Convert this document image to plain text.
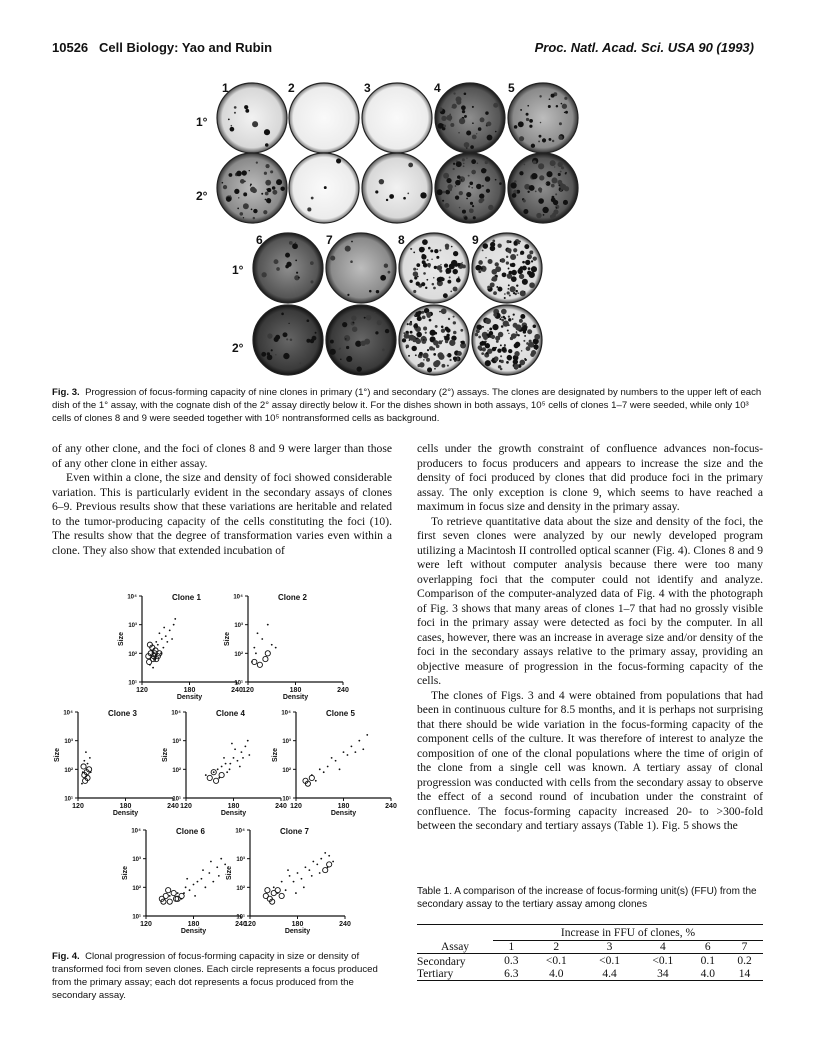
10526 Cell Biology: Yao and Rubin	Proc. Natl. Acad. Sci. USA 90 (1993)
1	2	3	4	5
6	7	8	9
1°
2°
1°
2°
Fig. 3. Progression of focus-forming capacity of nine clones in primary (1°) and secondary (2°) assays. The clones are designated by numbers to the upper left of each dish of the 1° assay, with the cognate dish of the 2° assay directly below it. For the dishes shown in both assays, 10⁵ cells of clones 1–7 were seeded, while only 10³ cells of clones 8 and 9 were seeded together with 10⁵ nontransformed cells as background.

of any other clone, and the foci of clones 8 and 9 were larger than those of any other clone in either assay.

Even within a clone, the size and density of foci showed considerable variation. This is particularly evident in the secondary assays of clones 6–9. Previous results show that these variations are heritable and related to the tumor-producing capacity of the cells constituting the foci (10). The results show that the degree of transformation varies even within a clone. They also show that extended incubation of

Clone 1
10⁴
10³
10²
10¹
120	180	240
Density
Size
Clone 2
10⁴
10³
10²
10¹
120	180	240
Density
Size
Clone 3
10⁴
10³
10²
10¹
120	180	240
Density
Size
Clone 4
10⁴
10³
10²
10¹
120	180	240
Density
Size
Clone 5
10⁴
10³
10²
10¹
120	180	240
Density
Size
Clone 6
10⁴
10³
10²
10¹
120	180	240
Density
Size
Clone 7
10⁴
10³
10²
10¹
120	180	240
Density
Size
Fig. 4. Clonal progression of focus-forming capacity in size or density of transformed foci from seven clones. Each circle represents a focus produced from the primary assay; each dot represents a focus produced from the secondary assay.

cells under the growth constraint of confluence advances non-focus-producers to focus producers and appears to increase the size and the density of foci produced by clones that did produce foci in the primary assay. The only exception is clone 9, which seems to have reached a maximum in focus size and density in the primary assay.

To retrieve quantitative data about the size and density of the foci, the first seven clones were analyzed by our newly developed program utilizing a Macintosh II controlled optical scanner (Fig. 4). Clones 8 and 9 were left without computer analysis because there were too many overlapping foci that the computer could not identify and analyze. Comparison of the computer-analyzed data of Fig. 4 with the photograph of Fig. 3 shows that many areas of clones 1–7 that had no grossly visible foci in the primary assay were detected as foci by the computer. In all cases, however, there was an increase in average size and/or density of the foci in the secondary assays relative to the primary assay, providing an objective measure of progression in the focus-forming capacity of the cells.

The clones of Figs. 3 and 4 were obtained from populations that had been in continuous culture for 8.5 months, and it is perhaps not surprising that there should be wide variation in the focus-forming capacity of the component cells of the culture. It was therefore of interest to analyze the composition of one of the clonal populations where the time of origin of the clone from a single cell was known. A tertiary assay of clonal progression was conducted with cells from the secondary assay to observe the effect of a second round of incubation under the constraint of confluence. The focus-forming capacity increased 20- to >300-fold between the secondary and tertiary assays (Table 1). Fig. 5 shows the

Table 1. A comparison of the increase of focus-forming unit(s) (FFU) from the secondary assay to the tertiary assay among clones
	Increase in FFU of clones, %					
Assay	1	2	3	4	6	7
Secondary	0.3	<0.1	<0.1	<0.1	0.1	0.2
Tertiary	6.3	4.0	4.4	34	4.0	14
